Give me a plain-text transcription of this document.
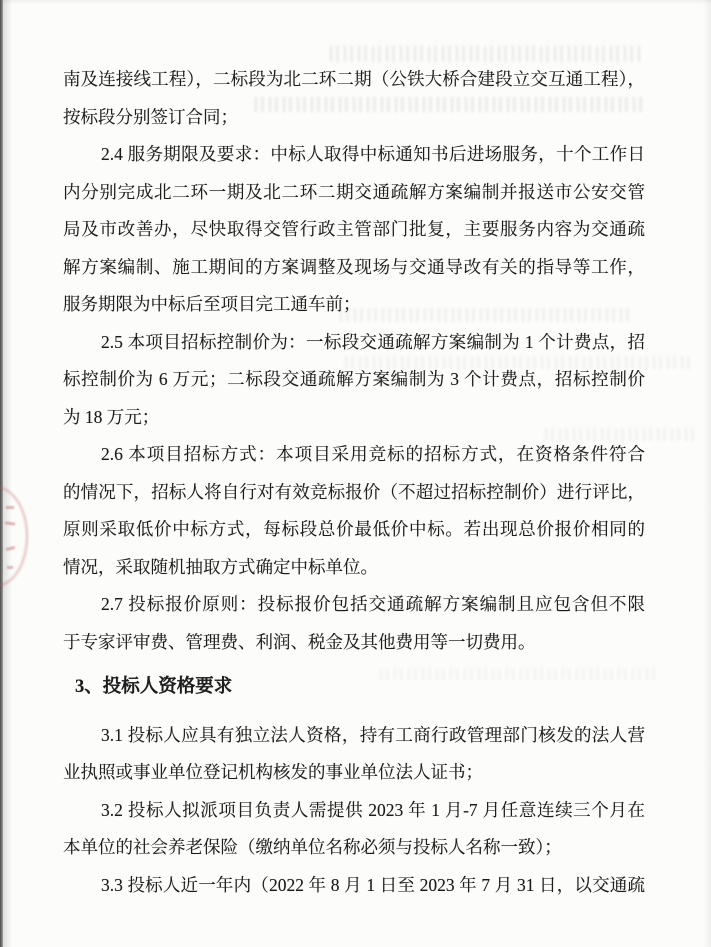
南及连接线工程），二标段为北二环二期（公铁大桥合建段立交互通工程），
按标段分别签订合同；
2.4 服务期限及要求：中标人取得中标通知书后进场服务，十个工作日
内分别完成北二环一期及北二环二期交通疏解方案编制并报送市公安交管
局及市改善办，尽快取得交管行政主管部门批复，主要服务内容为交通疏
解方案编制、施工期间的方案调整及现场与交通导改有关的指导等工作，
服务期限为中标后至项目完工通车前；
2.5 本项目招标控制价为：一标段交通疏解方案编制为 1 个计费点，招
标控制价为 6 万元；二标段交通疏解方案编制为 3 个计费点，招标控制价
为 18 万元；
2.6 本项目招标方式：本项目采用竞标的招标方式，在资格条件符合
的情况下，招标人将自行对有效竞标报价（不超过招标控制价）进行评比，
原则采取低价中标方式，每标段总价最低价中标。若出现总价报价相同的
情况，采取随机抽取方式确定中标单位。
2.7 投标报价原则：投标报价包括交通疏解方案编制且应包含但不限
于专家评审费、管理费、利润、税金及其他费用等一切费用。
3、投标人资格要求
3.1 投标人应具有独立法人资格，持有工商行政管理部门核发的法人营
业执照或事业单位登记机构核发的事业单位法人证书；
3.2 投标人拟派项目负责人需提供 2023 年 1 月-7 月任意连续三个月在
本单位的社会养老保险（缴纳单位名称必须与投标人名称一致）；
3.3 投标人近一年内（2022 年 8 月 1 日至 2023 年 7 月 31 日，以交通疏
